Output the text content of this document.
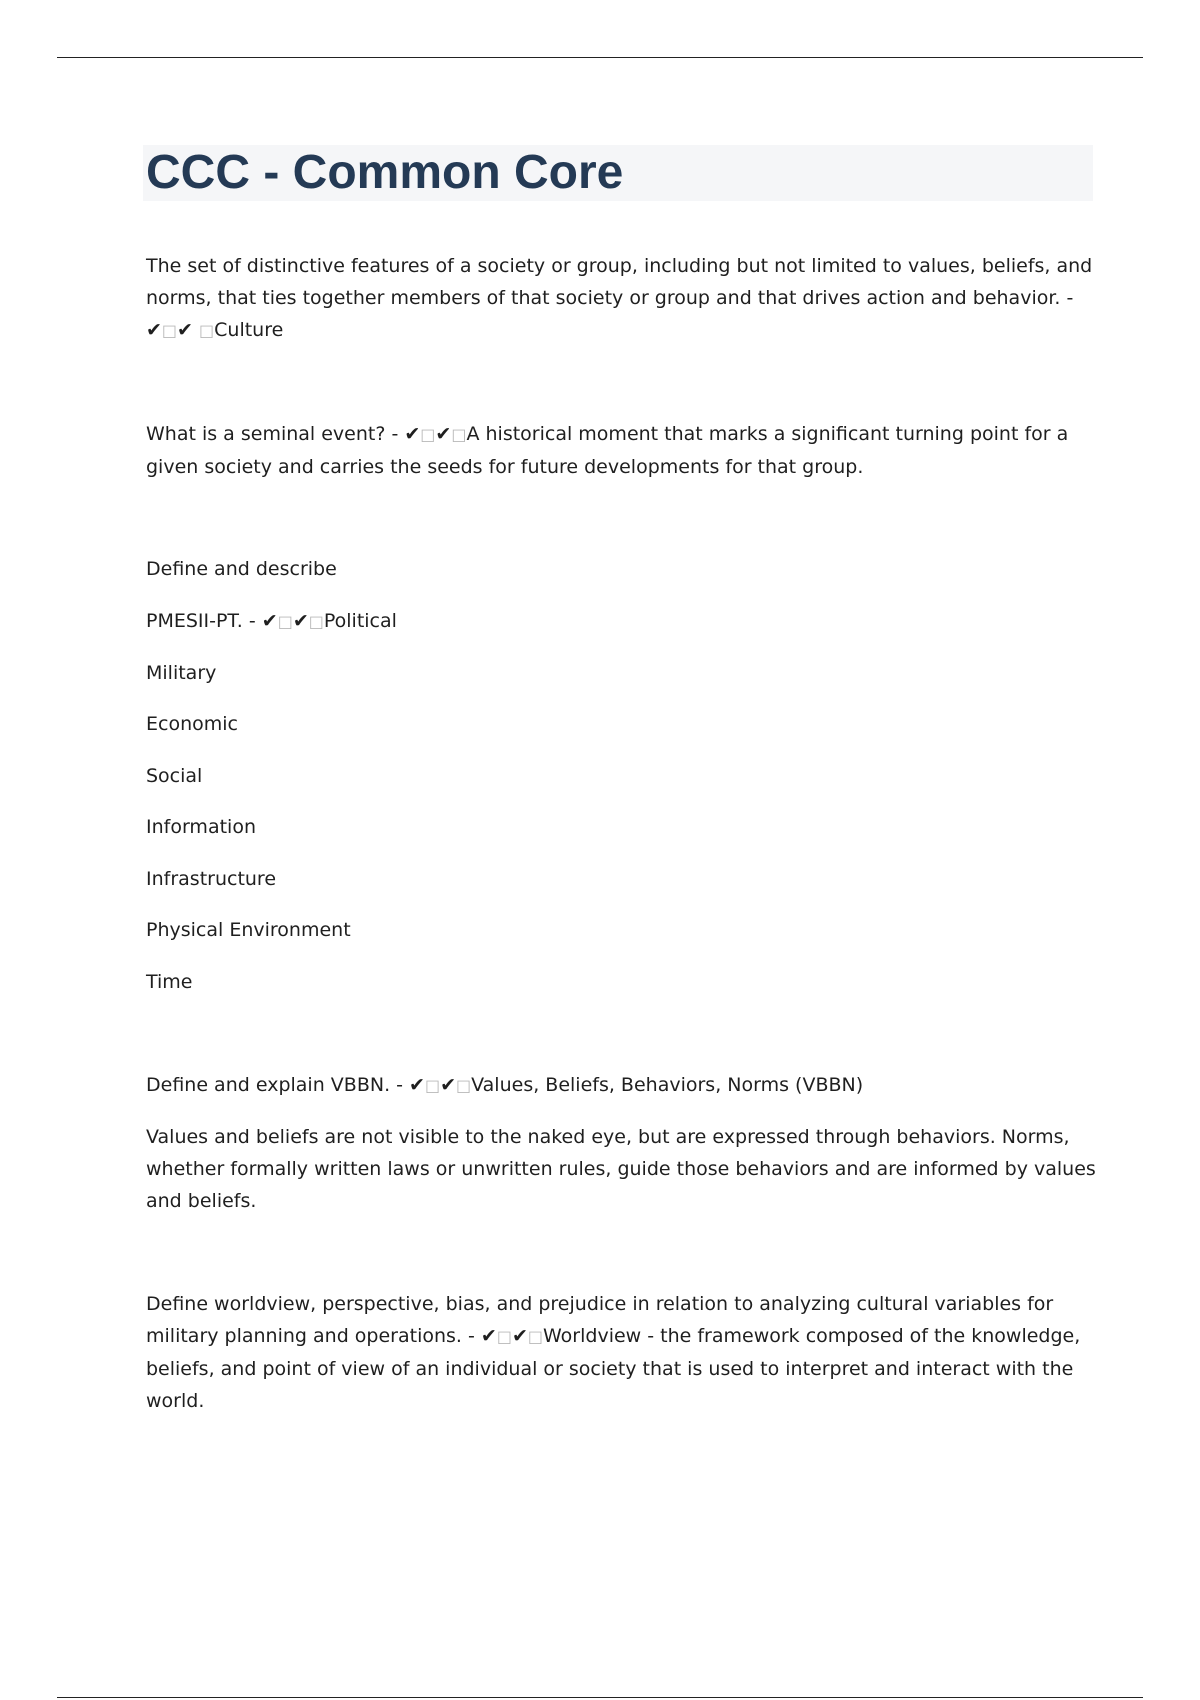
CCC - Common Core

The set of distinctive features of a society or group, including but not limited to values, beliefs, and norms, that ties together members of that society or group and that drives action and behavior. - ✔□✔ □Culture

What is a seminal event? - ✔□✔□A historical moment that marks a significant turning point for a given society and carries the seeds for future developments for that group.

Define and describe

PMESII-PT. - ✔□✔□Political

Military

Economic

Social

Information

Infrastructure

Physical Environment

Time

Define and explain VBBN. - ✔□✔□Values, Beliefs, Behaviors, Norms (VBBN)

Values and beliefs are not visible to the naked eye, but are expressed through behaviors. Norms, whether formally written laws or unwritten rules, guide those behaviors and are informed by values and beliefs.

Define worldview, perspective, bias, and prejudice in relation to analyzing cultural variables for military planning and operations. - ✔□✔□Worldview - the framework composed of the knowledge, beliefs, and point of view of an individual or society that is used to interpret and interact with the world.
